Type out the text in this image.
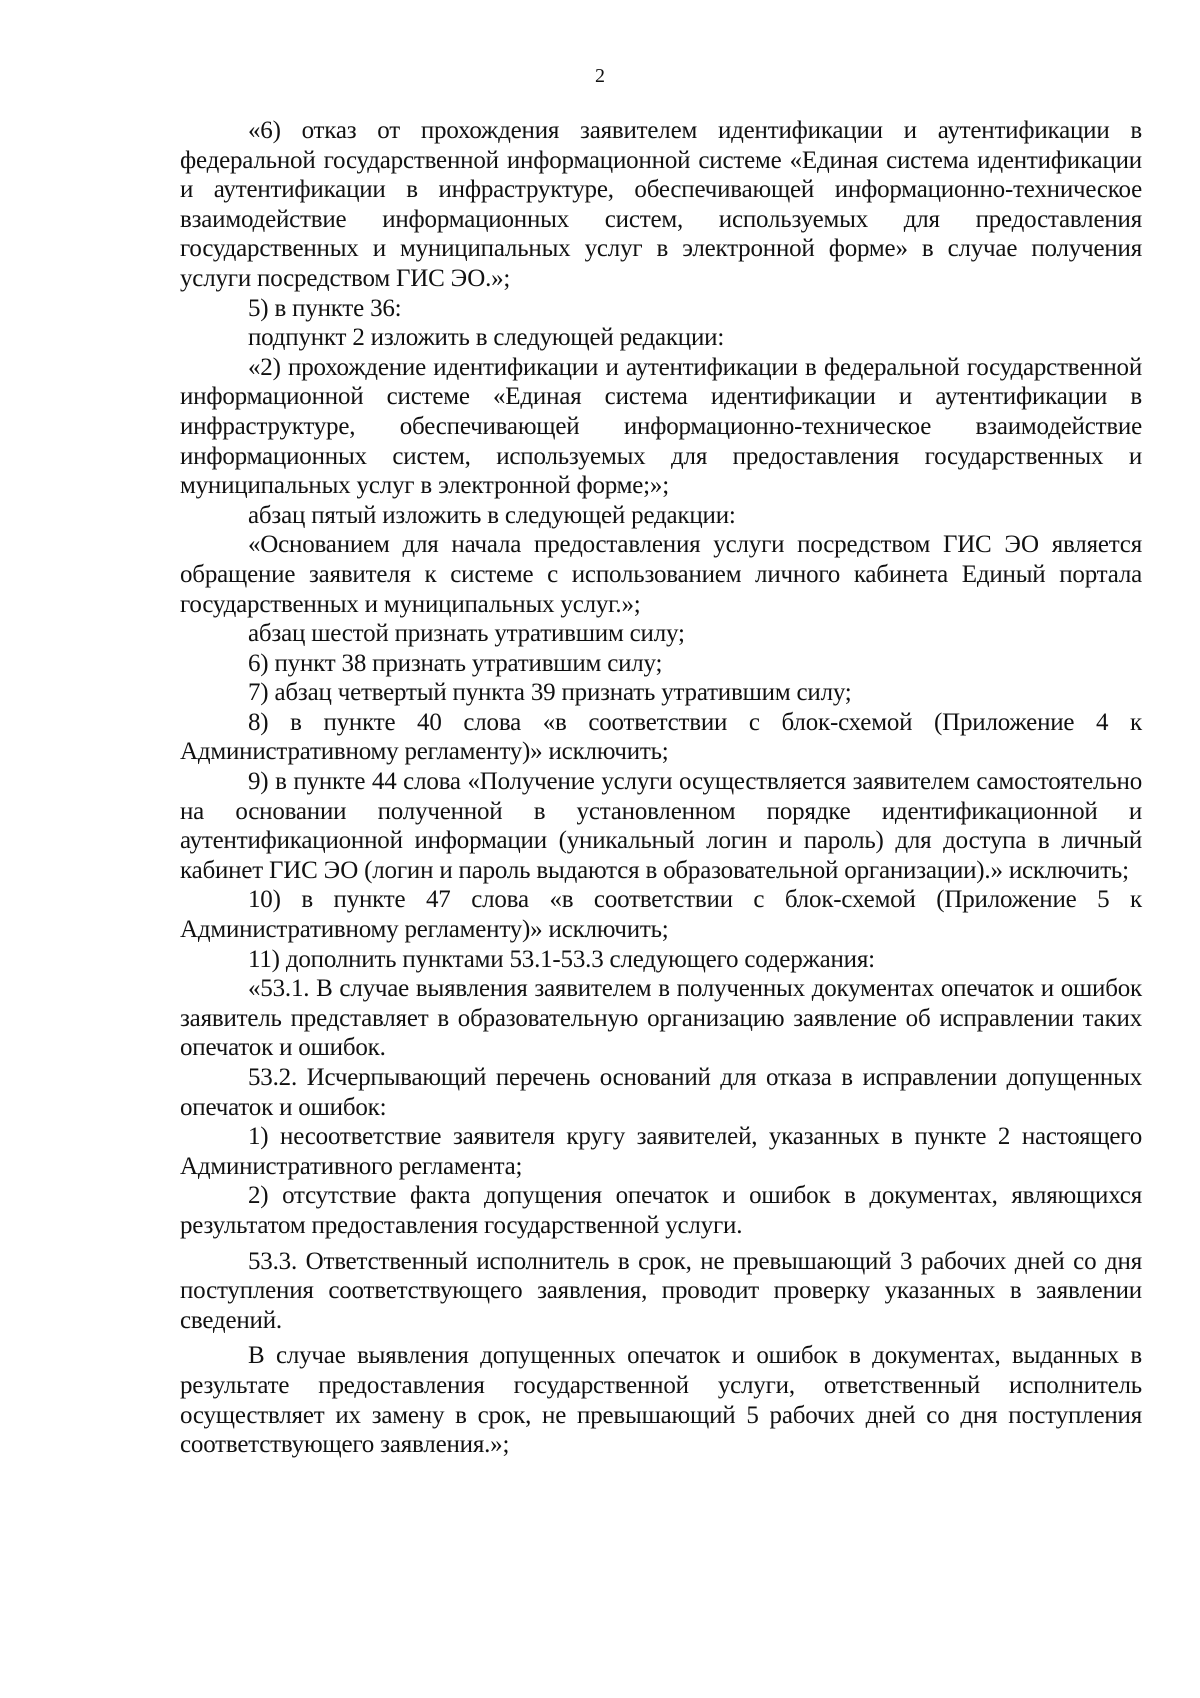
2

«6) отказ от прохождения заявителем идентификации и аутентификации в федеральной государственной информационной системе «Единая система идентификации и аутентификации в инфраструктуре, обеспечивающей информационно-техническое взаимодействие информационных систем, используемых для предоставления государственных и муниципальных услуг в электронной форме» в случае получения услуги посредством ГИС ЭО.»;

5) в пункте 36:

подпункт 2 изложить в следующей редакции:

«2) прохождение идентификации и аутентификации в федеральной государственной информационной системе «Единая система идентификации и аутентификации в инфраструктуре, обеспечивающей информационно-техническое взаимодействие информационных систем, используемых для предоставления государственных и муниципальных услуг в электронной форме;»;

абзац пятый изложить в следующей редакции:

«Основанием для начала предоставления услуги посредством ГИС ЭО является обращение заявителя к системе с использованием личного кабинета Единый портала государственных и муниципальных услуг.»;

абзац шестой признать утратившим силу;

6) пункт 38 признать утратившим силу;

7) абзац четвертый пункта 39 признать утратившим силу;

8) в пункте 40 слова «в соответствии с блок-схемой (Приложение 4 к Административному регламенту)» исключить;

9) в пункте 44 слова «Получение услуги осуществляется заявителем самостоятельно на основании полученной в установленном порядке идентификационной и аутентификационной информации (уникальный логин и пароль) для доступа в личный кабинет ГИС ЭО (логин и пароль выдаются в образовательной организации).» исключить;

10) в пункте 47 слова «в соответствии с блок-схемой (Приложение 5 к Административному регламенту)» исключить;

11) дополнить пунктами 53.1-53.3 следующего содержания:

«53.1. В случае выявления заявителем в полученных документах опечаток и ошибок заявитель представляет в образовательную организацию заявление об исправлении таких опечаток и ошибок.

53.2. Исчерпывающий перечень оснований для отказа в исправлении допущенных опечаток и ошибок:

1) несоответствие заявителя кругу заявителей, указанных в пункте 2 настоящего Административного регламента;

2) отсутствие факта допущения опечаток и ошибок в документах, являющихся результатом предоставления государственной услуги.

53.3. Ответственный исполнитель в срок, не превышающий 3 рабочих дней со дня поступления соответствующего заявления, проводит проверку указанных в заявлении сведений.

В случае выявления допущенных опечаток и ошибок в документах, выданных в результате предоставления государственной услуги, ответственный исполнитель осуществляет их замену в срок, не превышающий 5 рабочих дней со дня поступления соответствующего заявления.»;
